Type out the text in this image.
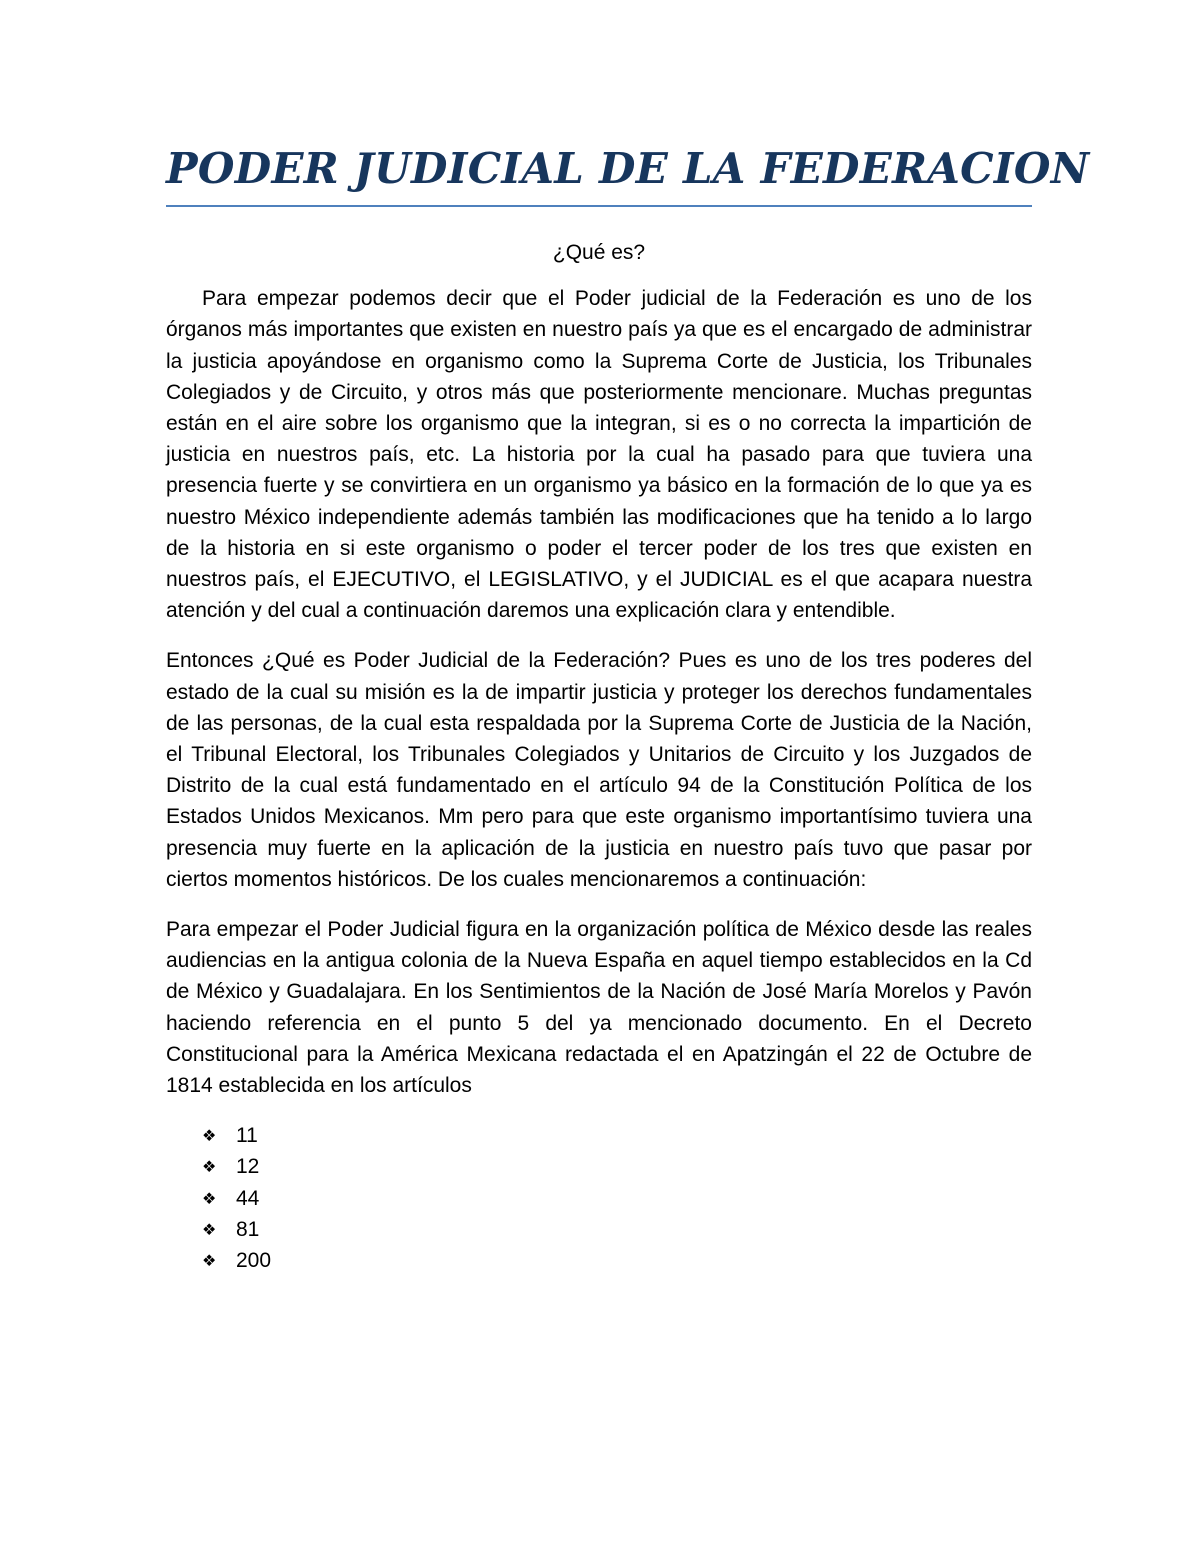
PODER JUDICIAL DE LA FEDERACION

¿Qué es?

Para empezar podemos decir que el Poder judicial de la Federación es uno de los órganos más importantes que existen en nuestro país ya que es el encargado de administrar la justicia apoyándose en organismo como la Suprema Corte de Justicia, los Tribunales Colegiados y de Circuito, y otros más que posteriormente mencionare. Muchas preguntas están en el aire sobre los organismo que la integran, si es o no correcta la impartición de justicia en nuestros país, etc. La historia por la cual ha pasado para que tuviera una presencia fuerte y se convirtiera en un organismo ya básico en la formación de lo que ya es nuestro México independiente además también las modificaciones que ha tenido a lo largo de la historia en si este organismo o poder el tercer poder de los tres que existen en nuestros país, el EJECUTIVO, el LEGISLATIVO, y el JUDICIAL es el que acapara nuestra atención y del cual a continuación daremos una explicación clara y entendible.

Entonces ¿Qué es Poder Judicial de la Federación? Pues es uno de los tres poderes del estado de la cual su misión es la de impartir justicia y proteger los derechos fundamentales de las personas, de la cual esta respaldada por la Suprema Corte de Justicia de la Nación, el Tribunal Electoral, los Tribunales Colegiados y Unitarios de Circuito y los Juzgados de Distrito de la cual está fundamentado en el artículo 94 de la Constitución Política de los Estados Unidos Mexicanos. Mm pero para que este organismo importantísimo tuviera una presencia muy fuerte en la aplicación de la justicia en nuestro país tuvo que pasar por ciertos momentos históricos. De los cuales mencionaremos a continuación:

Para empezar el Poder Judicial figura en la organización política de México desde las reales audiencias en la antigua colonia de la Nueva España en aquel tiempo establecidos en la Cd de México y Guadalajara. En los Sentimientos de la Nación de José María Morelos y Pavón haciendo referencia en el punto 5 del ya mencionado documento. En el Decreto Constitucional para la América Mexicana redactada el en Apatzingán el 22 de Octubre de 1814 establecida en los artículos

❖ 11
❖ 12
❖ 44
❖ 81
❖ 200
